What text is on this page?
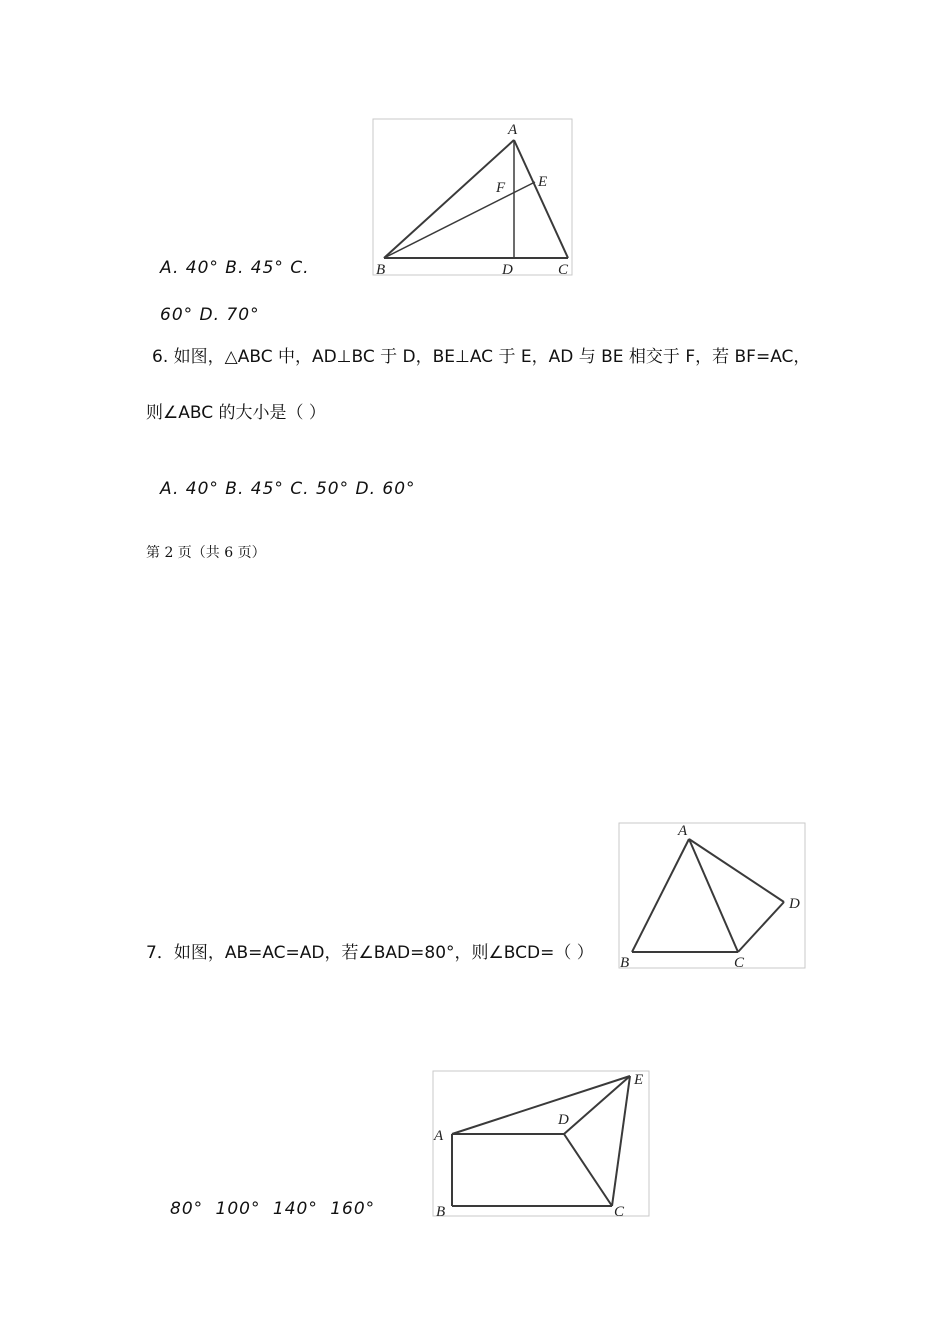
A
B	C
D
E
F
A. 40° B. 45° C.
60° D. 70°
6. 如图，△ABC 中，AD⊥BC 于 D，BE⊥AC 于 E，AD 与 BE 相交于 F，若 BF=AC，
则∠ABC 的大小是（ ）
A. 40° B. 45° C. 50° D. 60°
第 2 页（共 6 页）
A
B	C
D
7．如图，AB=AC=AD，若∠BAD=80°，则∠BCD=（ ）
A
B	C
D
E
80° 100° 140° 160°
